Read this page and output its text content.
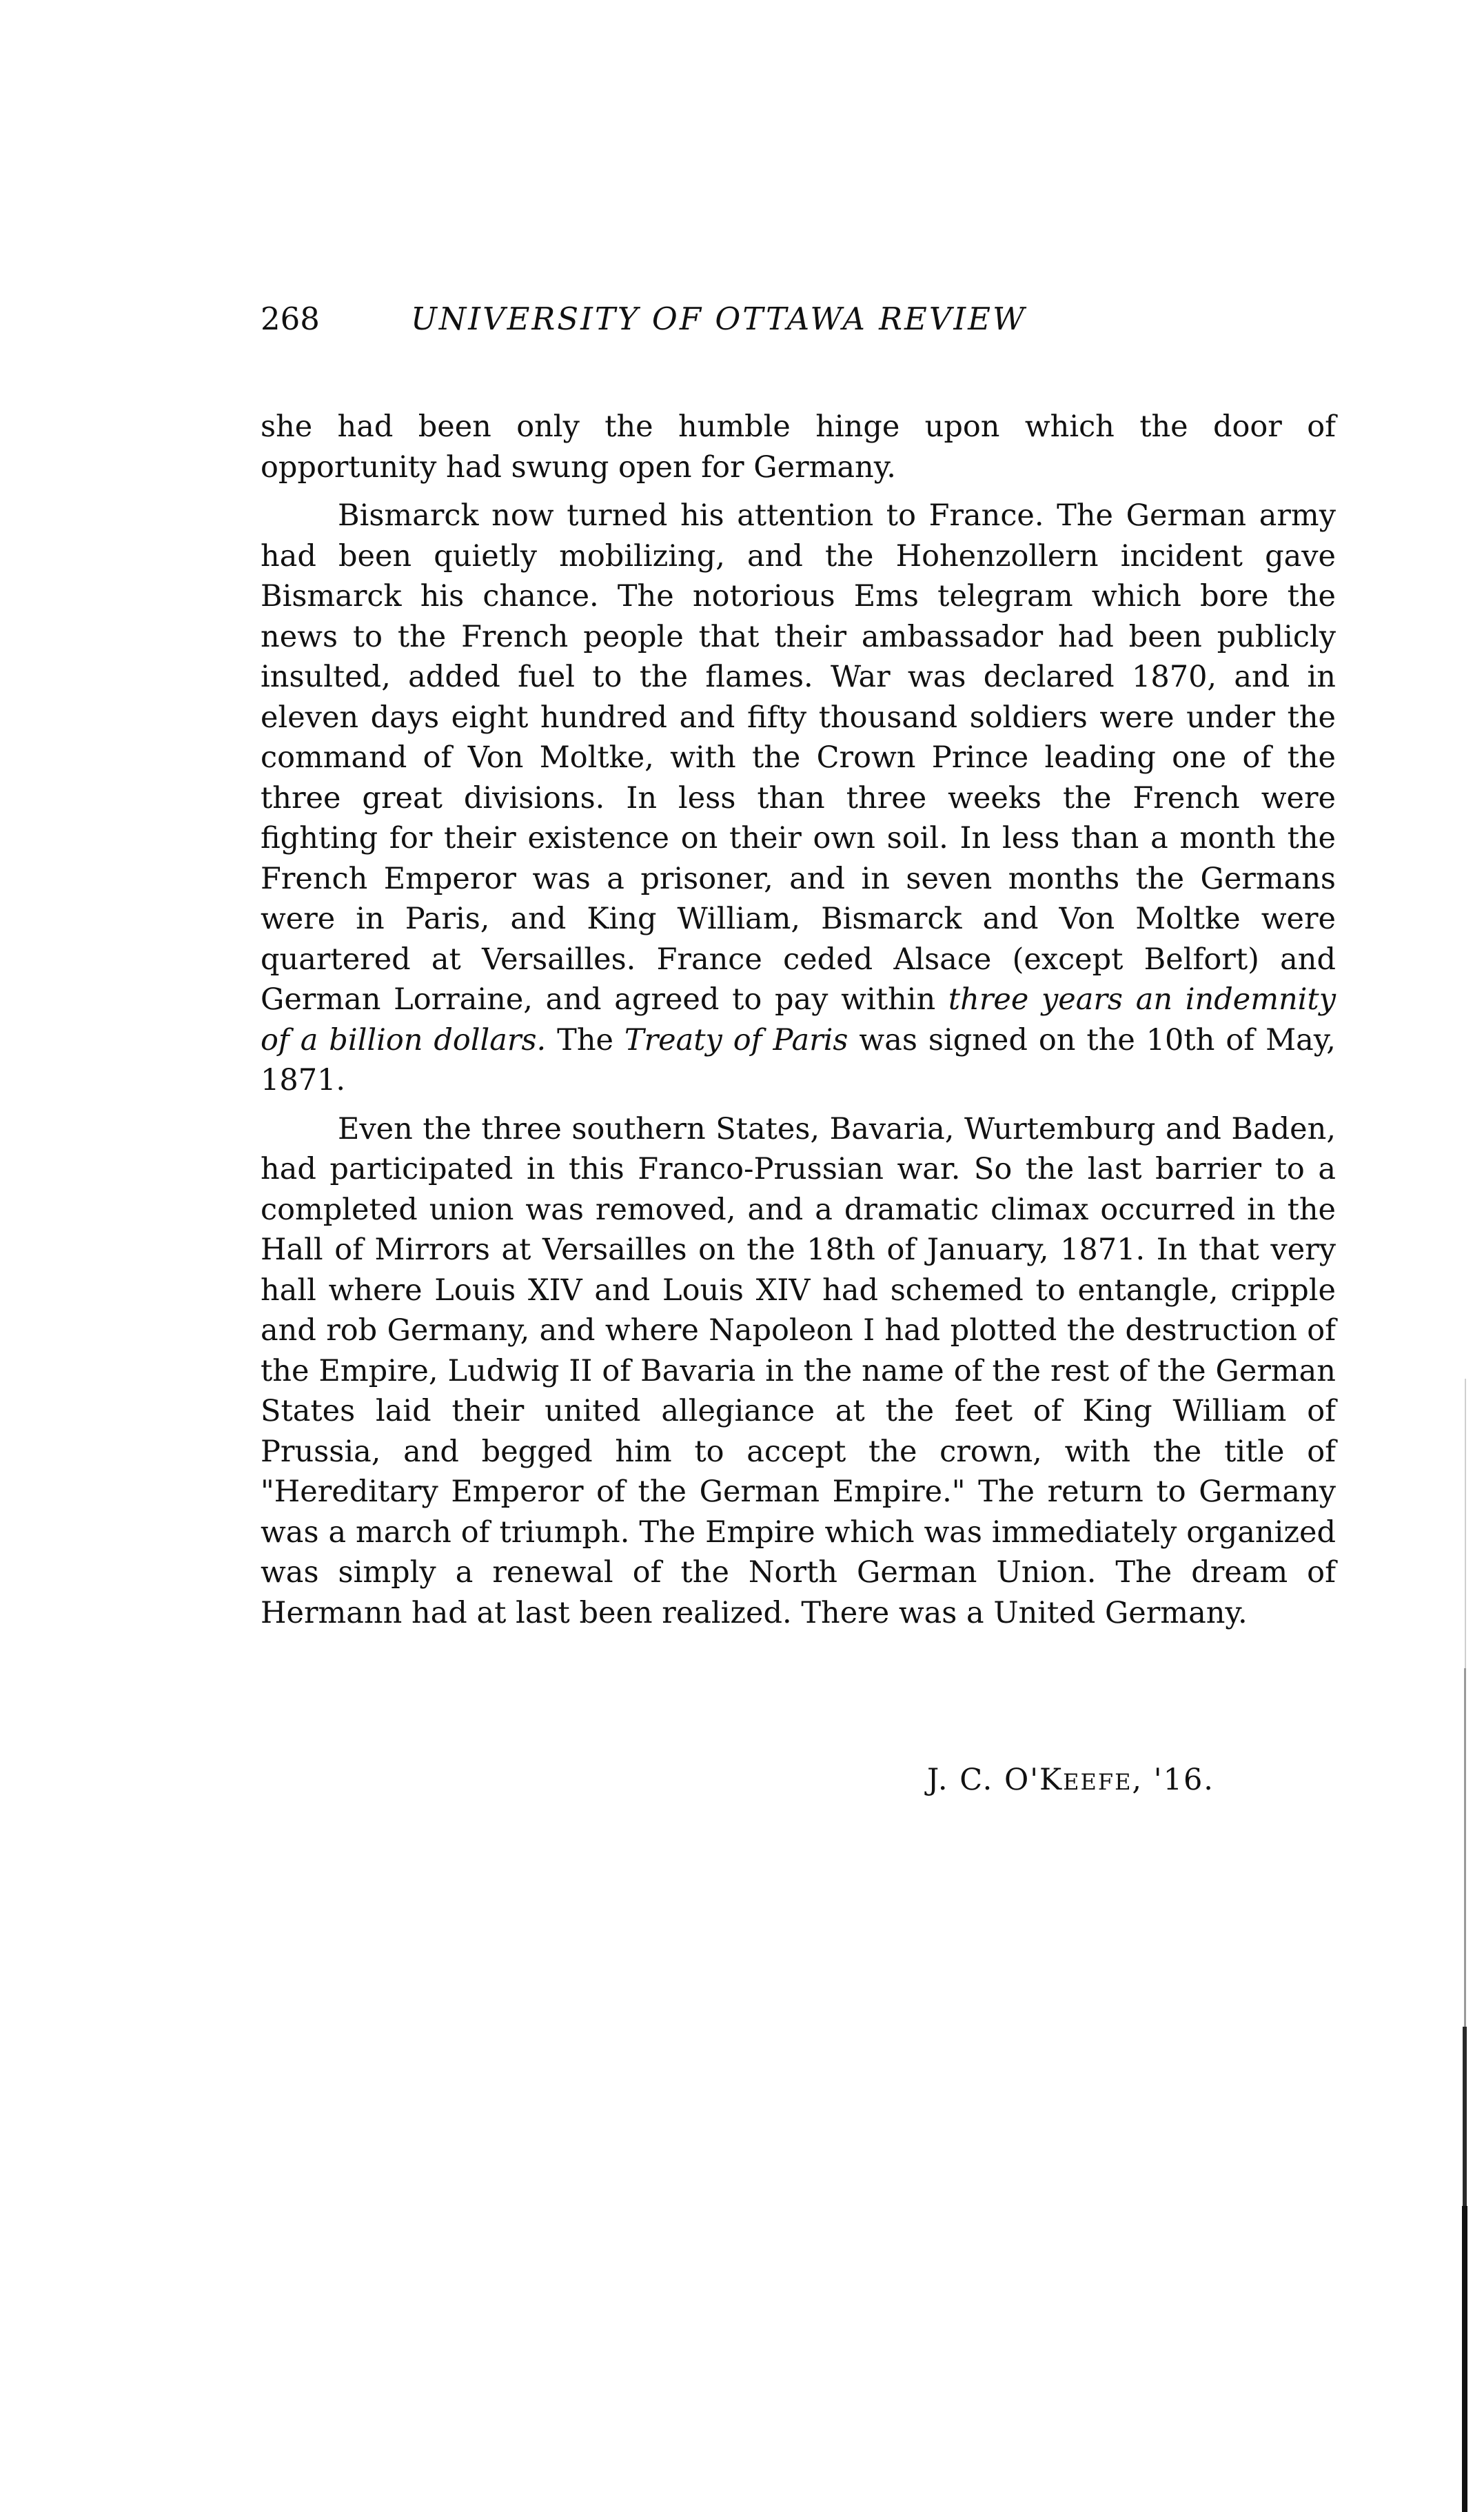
268	UNIVERSITY OF OTTAWA REVIEW

she had been only the humble hinge upon which the door of opportunity had swung open for Germany.

Bismarck now turned his attention to France. The German army had been quietly mobilizing, and the Hohenzollern incident gave Bismarck his chance. The notorious Ems telegram which bore the news to the French people that their ambassador had been publicly insulted, added fuel to the flames. War was declared 1870, and in eleven days eight hundred and fifty thousand soldiers were under the command of Von Moltke, with the Crown Prince leading one of the three great divisions. In less than three weeks the French were fighting for their existence on their own soil. In less than a month the French Emperor was a prisoner, and in seven months the Germans were in Paris, and King William, Bismarck and Von Moltke were quartered at Versailles. France ceded Alsace (except Belfort) and German Lorraine, and agreed to pay within three years an indemnity of a billion dollars. The Treaty of Paris was signed on the 10th of May, 1871.

Even the three southern States, Bavaria, Wurtemburg and Baden, had participated in this Franco-Prussian war. So the last barrier to a completed union was removed, and a dramatic climax occurred in the Hall of Mirrors at Versailles on the 18th of January, 1871. In that very hall where Louis XIV and Louis XIV had schemed to entangle, cripple and rob Germany, and where Napoleon I had plotted the destruction of the Empire, Ludwig II of Bavaria in the name of the rest of the German States laid their united allegiance at the feet of King William of Prussia, and begged him to accept the crown, with the title of "Hereditary Emperor of the German Empire." The return to Germany was a march of triumph. The Empire which was immediately organized was simply a renewal of the North German Union. The dream of Hermann had at last been realized. There was a United Germany.

J. C. O'KEEFE, '16.
